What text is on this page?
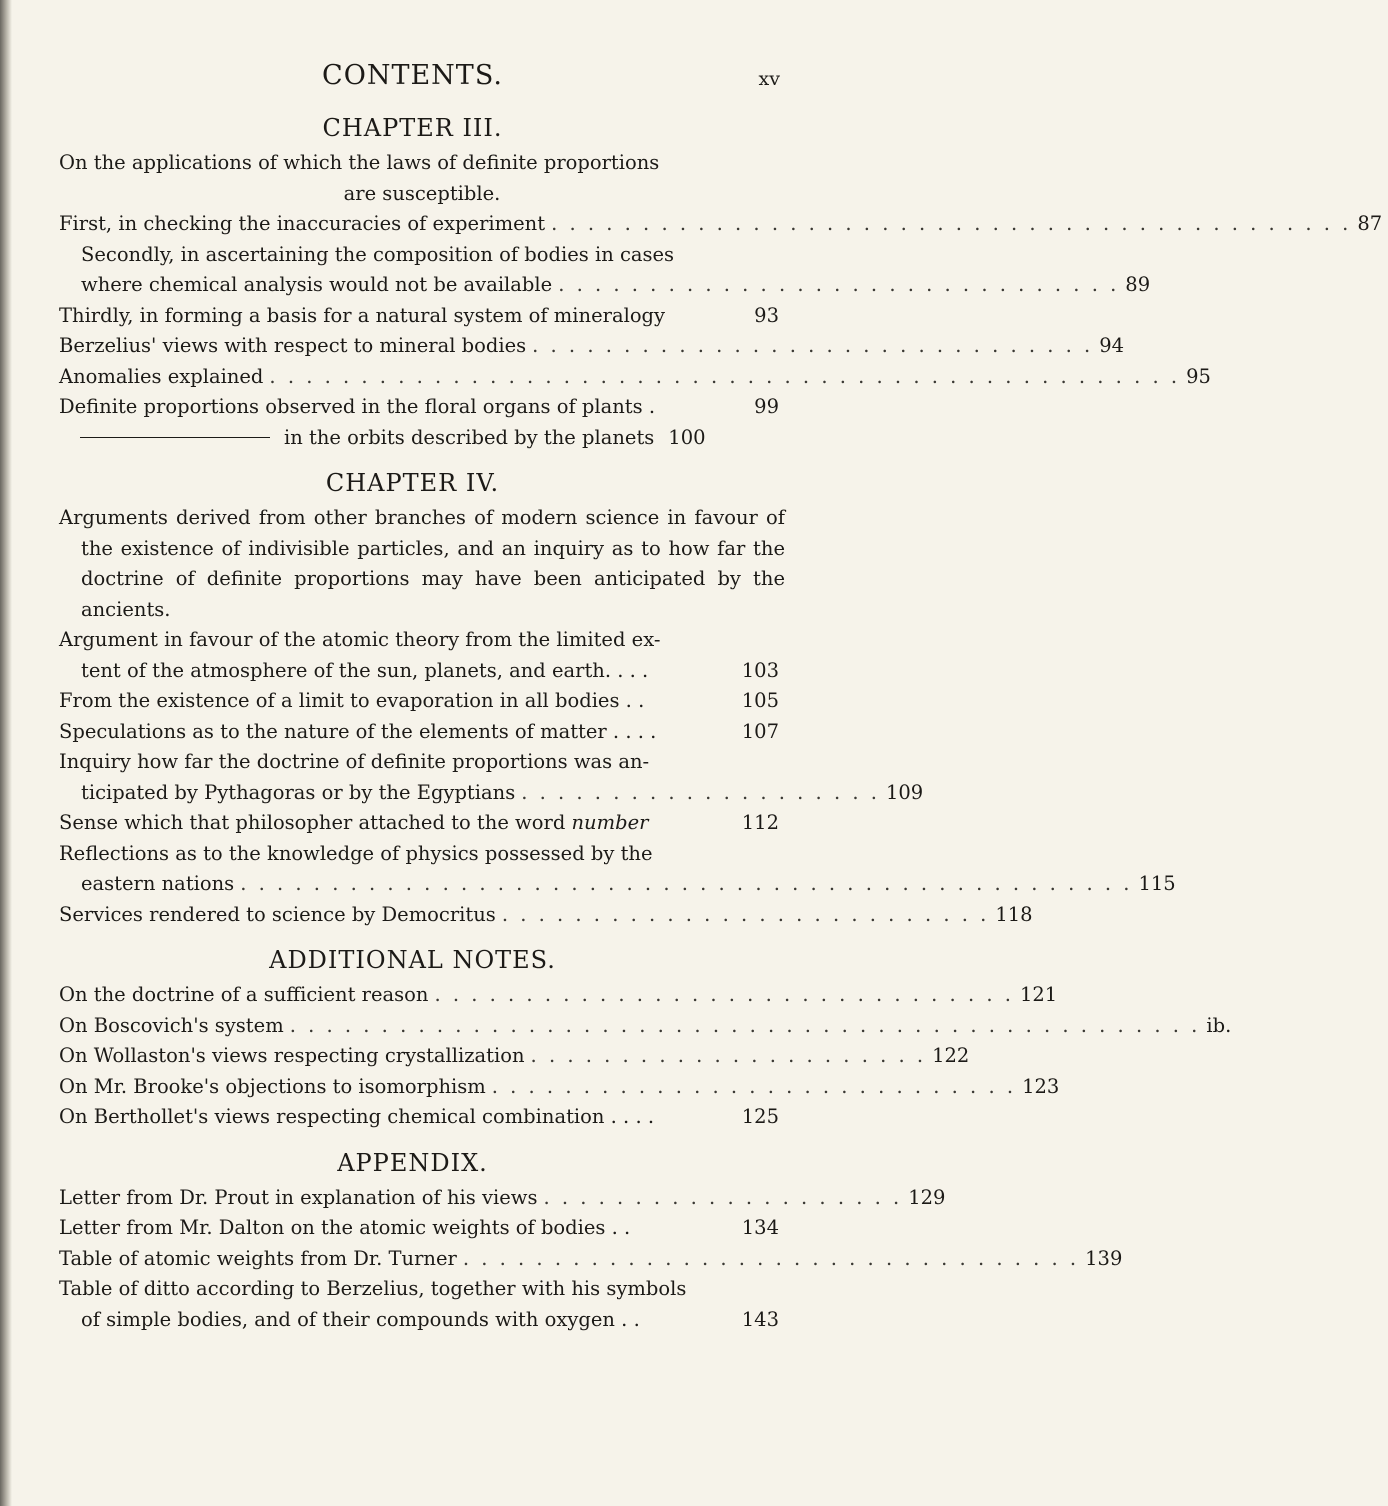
CONTENTS.	xv
CHAPTER III.
On the applications of which the laws of definite proportions
are susceptible.
First, in checking the inaccuracies of experiment . . . . . . . . . . . . . . . . . . . . . . . . . . . . . . . . . . . . . . . . . . . . 87
Secondly, in ascertaining the composition of bodies in cases
where chemical analysis would not be available . . . . . . . . . . . . . . . . . . . . . . . . . . . . . . . 89
Thirdly, in forming a basis for a natural system of mineralogy	93
Berzelius' views with respect to mineral bodies . . . . . . . . . . . . . . . . . . . . . . . . . . . . . . . 94
Anomalies explained . . . . . . . . . . . . . . . . . . . . . . . . . . . . . . . . . . . . . . . . . . . . . . . . . . 95
Definite proportions observed in the floral organs of plants .	99
in the orbits described by the planets 100
CHAPTER IV.
Arguments derived from other branches of modern science in favour of the existence of indivisible particles, and an inquiry as to how far the doctrine of definite proportions may have been anticipated by the ancients.
Argument in favour of the atomic theory from the limited ex-
tent of the atmosphere of the sun, planets, and earth. . . .	103
From the existence of a limit to evaporation in all bodies . .	105
Speculations as to the nature of the elements of matter . . . .	107
Inquiry how far the doctrine of definite proportions was an-
ticipated by Pythagoras or by the Egyptians . . . . . . . . . . . . . . . . . . . . 109
Sense which that philosopher attached to the word number	112
Reflections as to the knowledge of physics possessed by the
eastern nations . . . . . . . . . . . . . . . . . . . . . . . . . . . . . . . . . . . . . . . . . . . . . . . . . 115
Services rendered to science by Democritus . . . . . . . . . . . . . . . . . . . . . . . . . . . 118
ADDITIONAL NOTES.
On the doctrine of a sufficient reason . . . . . . . . . . . . . . . . . . . . . . . . . . . . . . . . 121
On Boscovich's system . . . . . . . . . . . . . . . . . . . . . . . . . . . . . . . . . . . . . . . . . . . . . . . . . . ib.
On Wollaston's views respecting crystallization . . . . . . . . . . . . . . . . . . . . . . 122
On Mr. Brooke's objections to isomorphism . . . . . . . . . . . . . . . . . . . . . . . . . . . . . 123
On Berthollet's views respecting chemical combination . . . .	125
APPENDIX.
Letter from Dr. Prout in explanation of his views . . . . . . . . . . . . . . . . . . . . 129
Letter from Mr. Dalton on the atomic weights of bodies . .	134
Table of atomic weights from Dr. Turner . . . . . . . . . . . . . . . . . . . . . . . . . . . . . . . . . . 139
Table of ditto according to Berzelius, together with his symbols
of simple bodies, and of their compounds with oxygen . .	143
